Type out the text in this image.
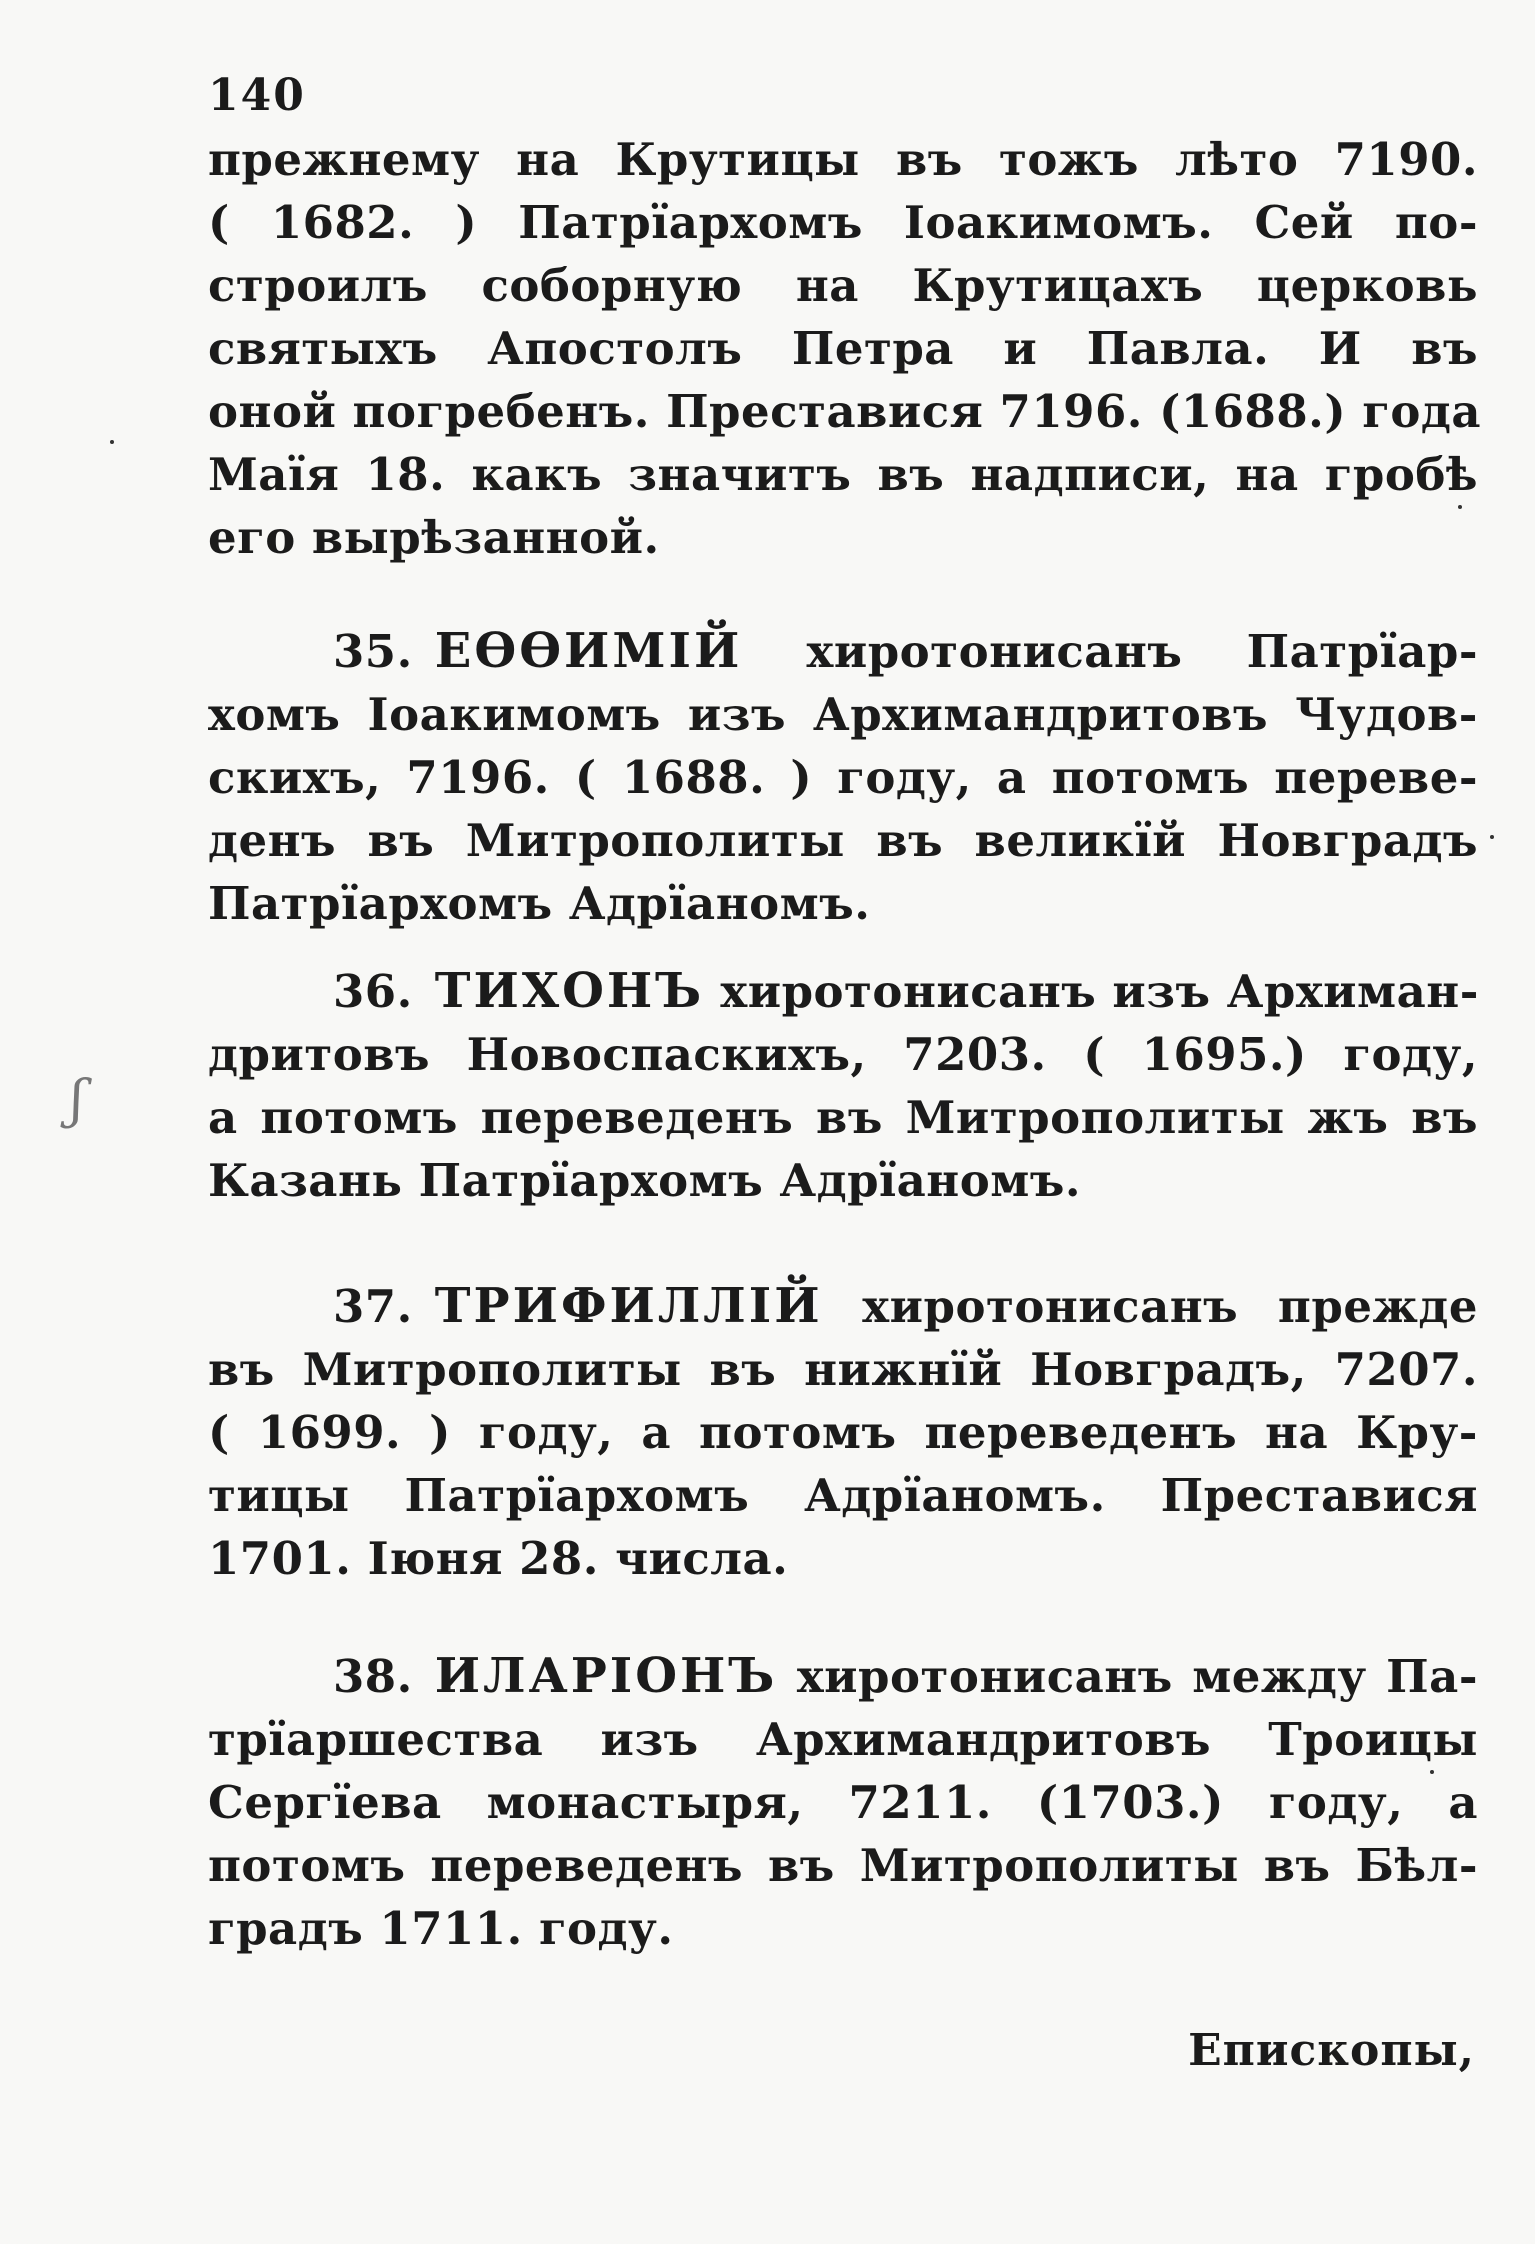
140
прежнему на Крутицы въ тожъ лѣто 7190.
( 1682. ) Патрїархомъ Іоакимомъ. Сей по-
строилъ соборную на Крутицахъ церковь
святыхъ Апостолъ Петра и Павла. И въ
оной погребенъ. Преставися 7196. (1688.) года
Маїя 18. какъ значитъ въ надписи, на гробѣ
его вырѣзанной.
35. ЕѲѲИМІЙ хиротонисанъ Патрїар-
хомъ Іоакимомъ изъ Архимандритовъ Чудов-
скихъ, 7196. ( 1688. ) году, а потомъ переве-
денъ въ Митрополиты въ великїй Новградъ
Патрїархомъ Адрїаномъ.
36. ТИХОНЪ хиротонисанъ изъ Архиман-
дритовъ Новоспаскихъ, 7203. ( 1695.) году,
а потомъ переведенъ въ Митрополиты жъ въ
Казань Патрїархомъ Адрїаномъ.
37. ТРИФИЛЛІЙ хиротонисанъ прежде
въ Митрополиты въ нижнїй Новградъ, 7207.
( 1699. ) году, а потомъ переведенъ на Кру-
тицы Патрїархомъ Адрїаномъ. Преставися
1701. Іюня 28. числа.
38. ИЛАРІОНЪ хиротонисанъ между Па-
трїаршества изъ Архимандритовъ Троицы
Сергїева монастыря, 7211. (1703.) году, а
потомъ переведенъ въ Митрополиты въ Бѣл-
градъ 1711. году.
Епископы,
ʃ
